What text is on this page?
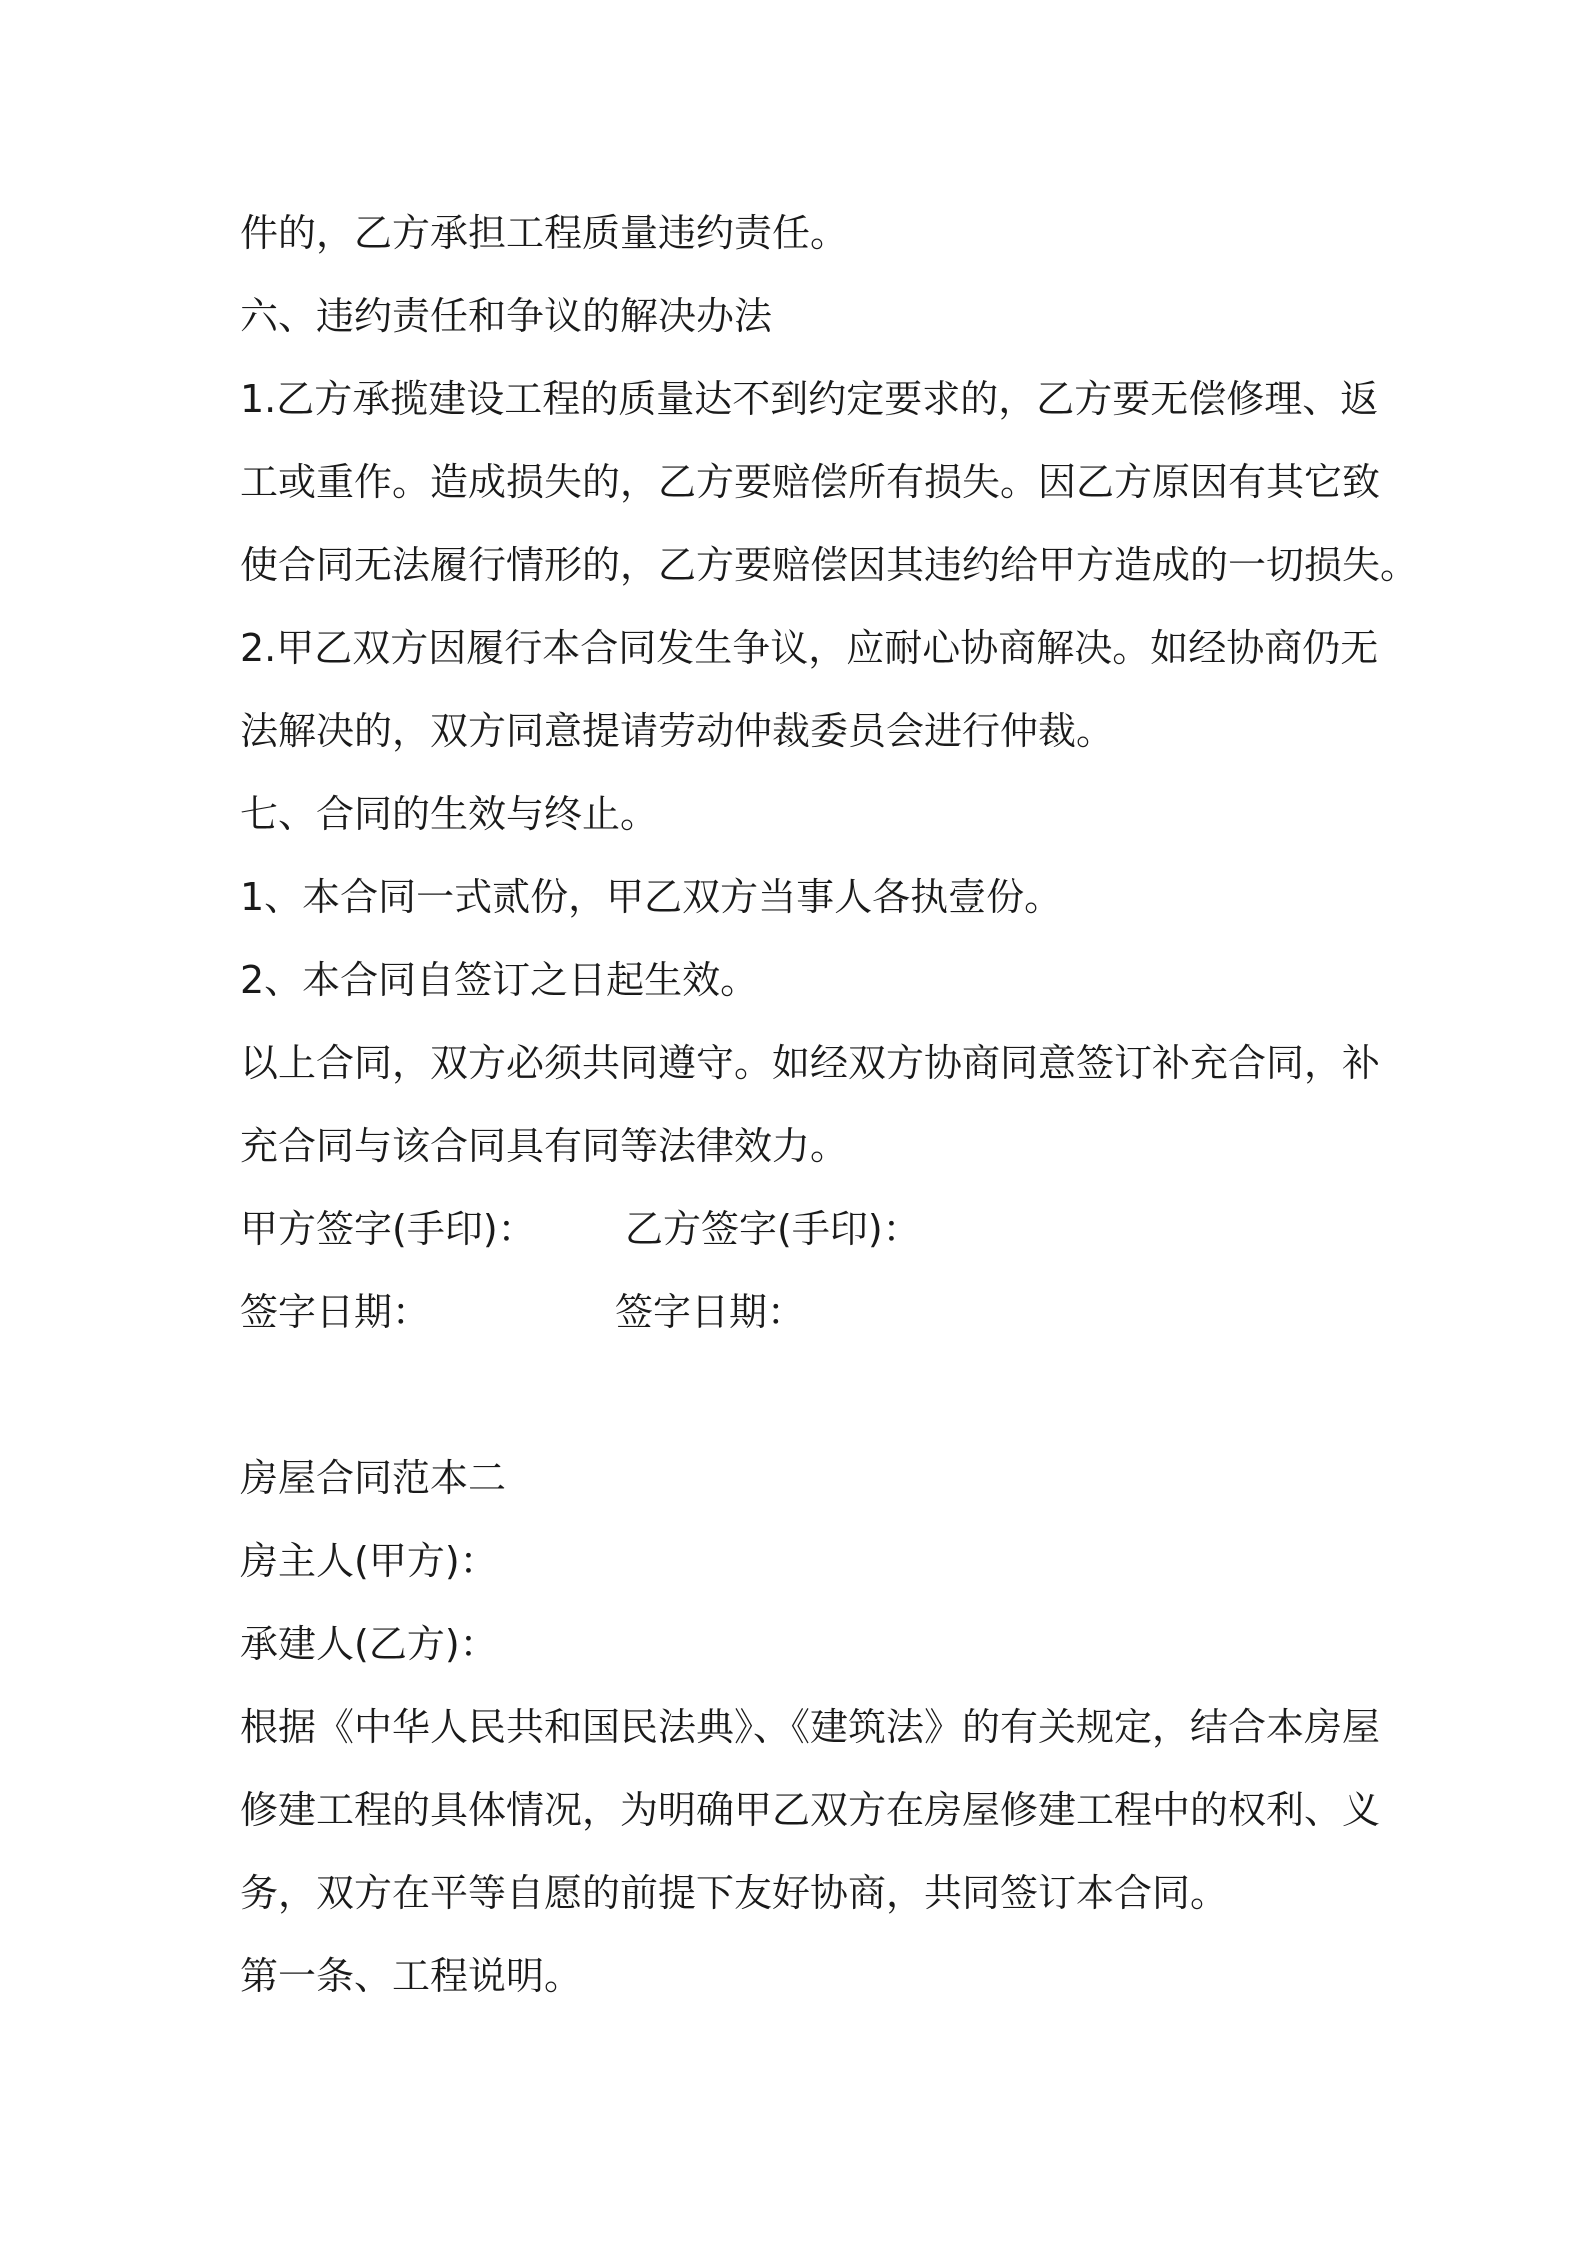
件的，乙方承担工程质量违约责任。
六、违约责任和争议的解决办法
1.乙方承揽建设工程的质量达不到约定要求的，乙方要无偿修理、返
工或重作。造成损失的，乙方要赔偿所有损失。因乙方原因有其它致
使合同无法履行情形的，乙方要赔偿因其违约给甲方造成的一切损失。
2.甲乙双方因履行本合同发生争议，应耐心协商解决。如经协商仍无
法解决的，双方同意提请劳动仲裁委员会进行仲裁。
七、合同的生效与终止。
1、本合同一式贰份，甲乙双方当事人各执壹份。
2、本合同自签订之日起生效。
以上合同，双方必须共同遵守。如经双方协商同意签订补充合同，补
充合同与该合同具有同等法律效力。
甲方签字(手印)： 乙方签字(手印)：
签字日期：	签字日期：
房屋合同范本二
房主人(甲方)：
承建人(乙方)：
根据《中华人民共和国民法典》、《建筑法》的有关规定，结合本房屋
修建工程的具体情况，为明确甲乙双方在房屋修建工程中的权利、义
务，双方在平等自愿的前提下友好协商，共同签订本合同。
第一条、工程说明。
